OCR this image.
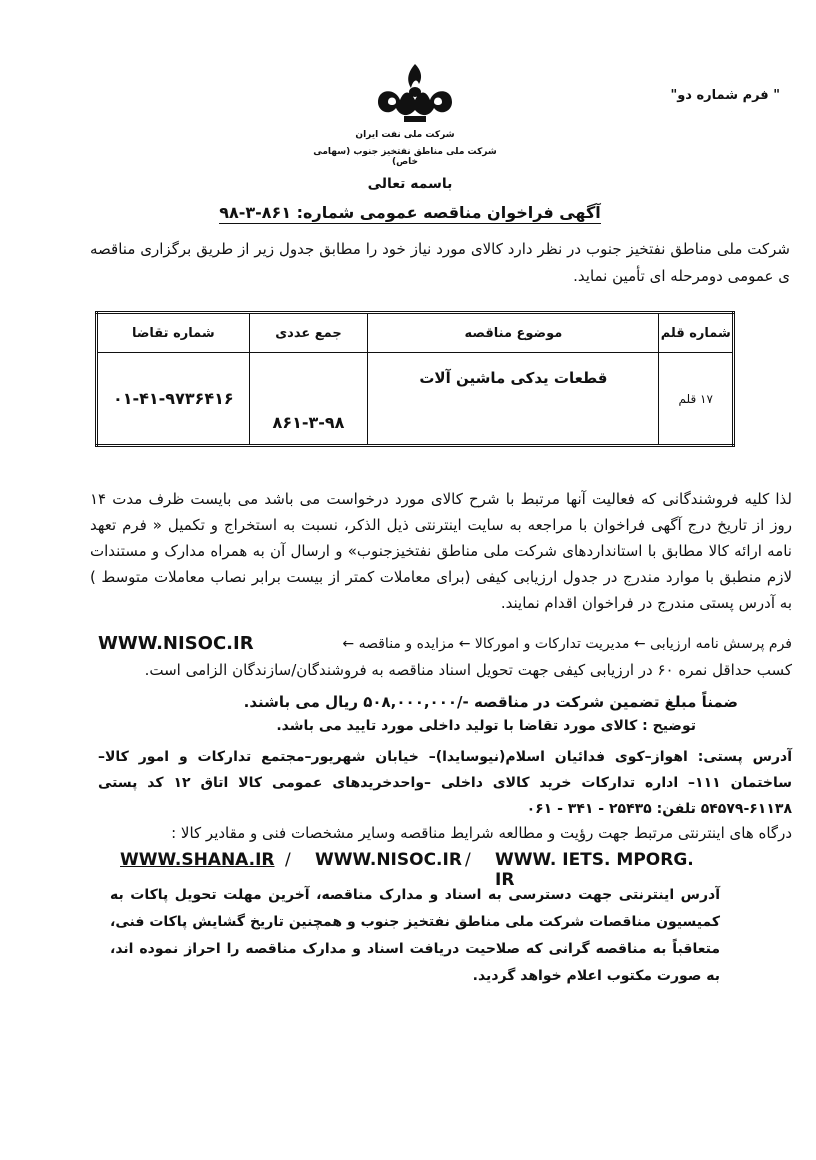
" فرم شماره دو"
شرکت ملی نفت ایران
شرکت ملی مناطق نفتخیز جنوب (سهامی خاص)
باسمه تعالی
آگهی فراخوان مناقصه عمومی شماره: ۸۶۱-۳-۹۸
شرکت ملی مناطق نفتخیز جنوب در نظر دارد کالای مورد نیاز خود را مطابق جدول زیر از طریق برگزاری مناقصه ی عمومی دومرحله ای تأمین نماید.
شماره قلم	موضوع مناقصه	جمع عددی	شماره تقاضا
۱۷ قلم	قطعات یدکی ماشین آلات	۸۶۱-۳-۹۸	۰۱-۴۱-۹۷۳۶۴۱۶

لذا کلیه فروشندگانی که فعالیت آنها مرتبط با شرح کالای مورد درخواست می باشد می بایست ظرف مدت ۱۴ روز از تاریخ درج آگهی فراخوان با مراجعه به سایت اینترنتی ذیل الذکر، نسبت به استخراج و تکمیل « فرم تعهد نامه ارائه کالا مطابق با استانداردهای شرکت ملی مناطق نفتخیزجنوب» و ارسال آن به همراه مدارک و مستندات لازم منطبق با موارد مندرج در جدول ارزیابی کیفی (برای معاملات کمتر از بیست برابر نصاب معاملات متوسط ) به آدرس پستی مندرج در فراخوان اقدام نمایند.

فرم پرسش نامه ارزیابی ← مدیریت تدارکات و امورکالا ← مزایده و مناقصه ←
WWW.NISOC.IR
کسب حداقل نمره ۶۰ در ارزیابی کیفی جهت تحویل اسناد مناقصه به فروشندگان/سازندگان الزامی است.
ضمناً مبلغ تضمین شرکت در مناقصه -/۵۰۸,۰۰۰,۰۰۰ ریال می باشند.
توضیح : کالای مورد تقاضا با تولید داخلی مورد تایید می باشد.
آدرس پستی: اهواز–کوی فدائیان اسلام(نیوسایدا)– خیابان شهریور–مجتمع تدارکات و امور کالا–ساختمان ۱۱۱– اداره تدارکات خرید کالای داخلی –واحدخریدهای عمومی کالا اتاق ۱۲ کد پستی ۶۱۱۳۸-۵۴۵۷۹ تلفن: ۲۵۴۳۵ - ۳۴۱ - ۰۶۱
درگاه های اینترنتی مرتبط جهت رؤیت و مطالعه شرایط مناقصه وسایر مشخصات فنی و مقادیر کالا :
WWW.SHANA.IR / WWW.NISOC.IR / WWW. IETS. MPORG. IR
آدرس اینترنتی جهت دسترسی به اسناد و مدارک مناقصه، آخرین مهلت تحویل پاکات به کمیسیون مناقصات شرکت ملی مناطق نفتخیز جنوب و همچنین تاریخ گشایش پاکات فنی، متعاقباً به مناقصه گرانی که صلاحیت دریافت اسناد و مدارک مناقصه را احراز نموده اند، به صورت مکتوب اعلام خواهد گردید.
